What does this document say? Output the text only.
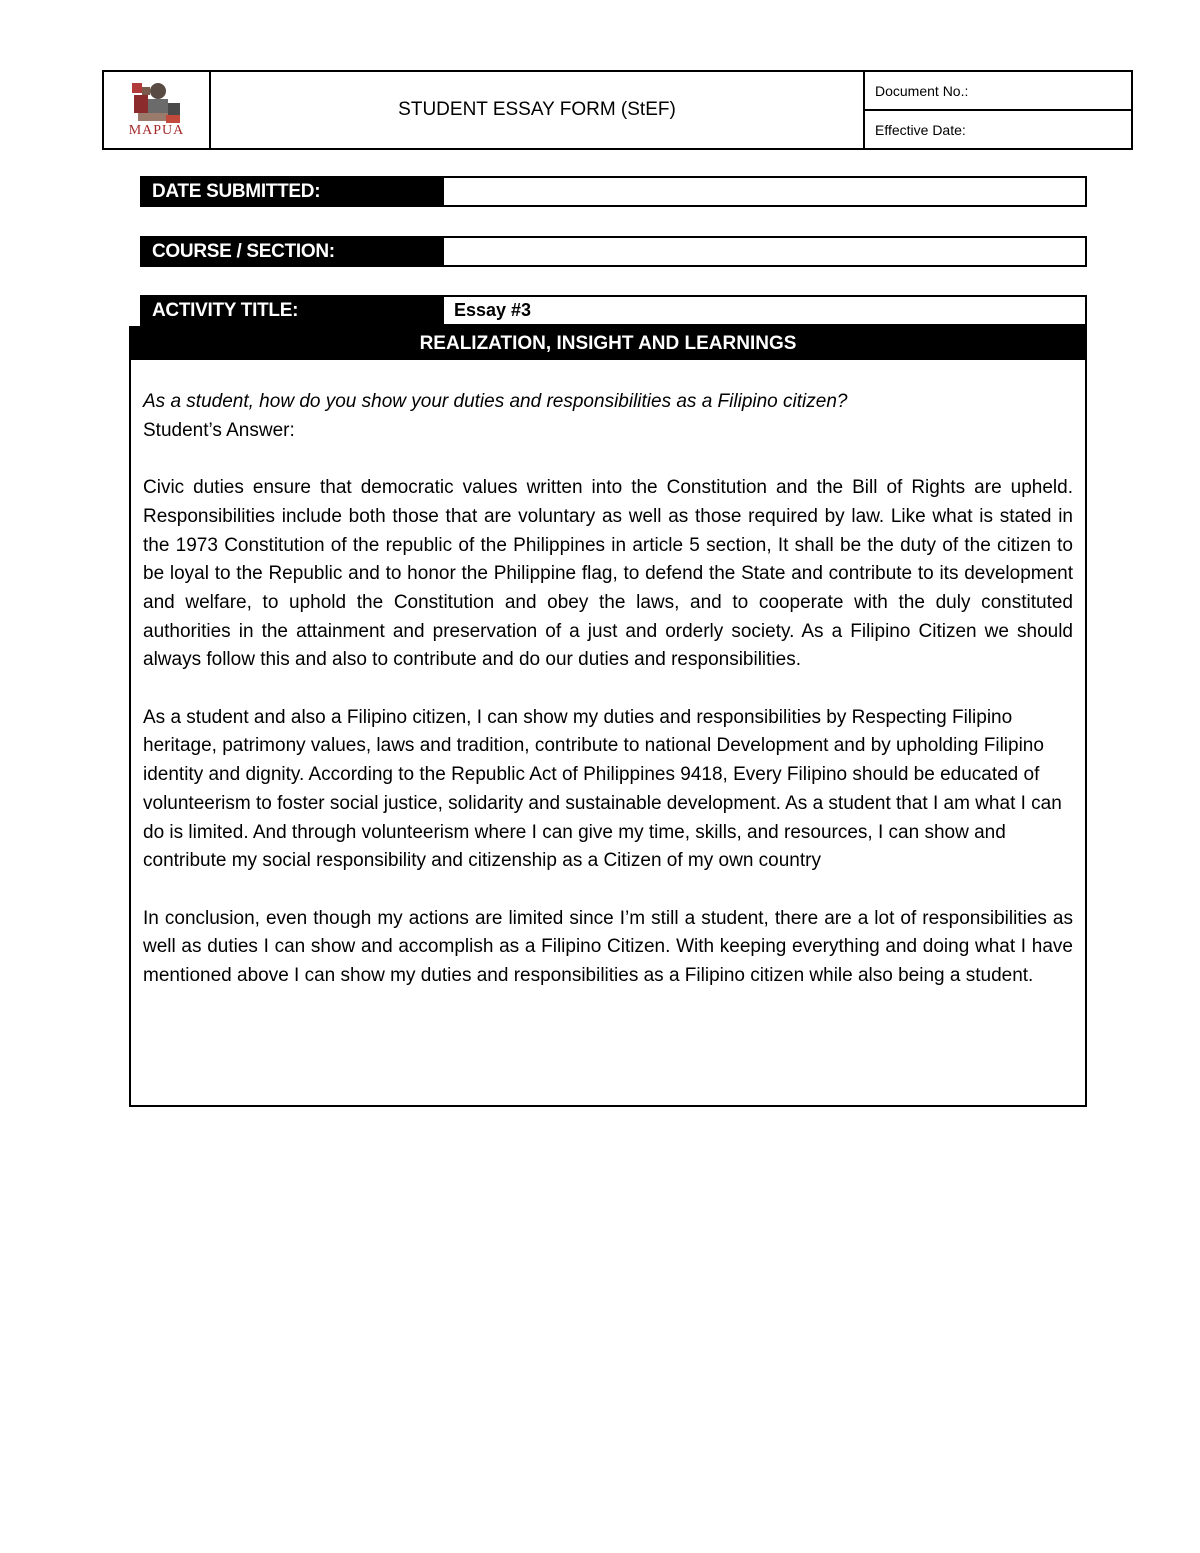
MAPUA
STUDENT ESSAY FORM (StEF)
Document No.:
Effective Date:
DATE SUBMITTED:
COURSE / SECTION:
ACTIVITY TITLE:	Essay #3
REALIZATION, INSIGHT AND LEARNINGS
As a student, how do you show your duties and responsibilities as a Filipino citizen?
Student’s Answer:

Civic duties ensure that democratic values written into the Constitution and the Bill of Rights are upheld. Responsibilities include both those that are voluntary as well as those required by law. Like what is stated in the 1973 Constitution of the republic of the Philippines in article 5 section, It shall be the duty of the citizen to be loyal to the Republic and to honor the Philippine flag, to defend the State and contribute to its development and welfare, to uphold the Constitution and obey the laws, and to cooperate with the duly constituted authorities in the attainment and preservation of a just and orderly society. As a Filipino Citizen we should always follow this and also to contribute and do our duties and responsibilities.

As a student and also a Filipino citizen, I can show my duties and responsibilities by Respecting Filipino heritage, patrimony values, laws and tradition, contribute to national Development and by upholding Filipino identity and dignity. According to the Republic Act of Philippines 9418, Every Filipino should be educated of volunteerism to foster social justice, solidarity and sustainable development. As a student that I am what I can do is limited. And through volunteerism where I can give my time, skills, and resources, I can show and contribute my social responsibility and citizenship as a Citizen of my own country

In conclusion, even though my actions are limited since I’m still a student, there are a lot of responsibilities as well as duties I can show and accomplish as a Filipino Citizen. With keeping everything and doing what I have mentioned above I can show my duties and responsibilities as a Filipino citizen while also being a student.
